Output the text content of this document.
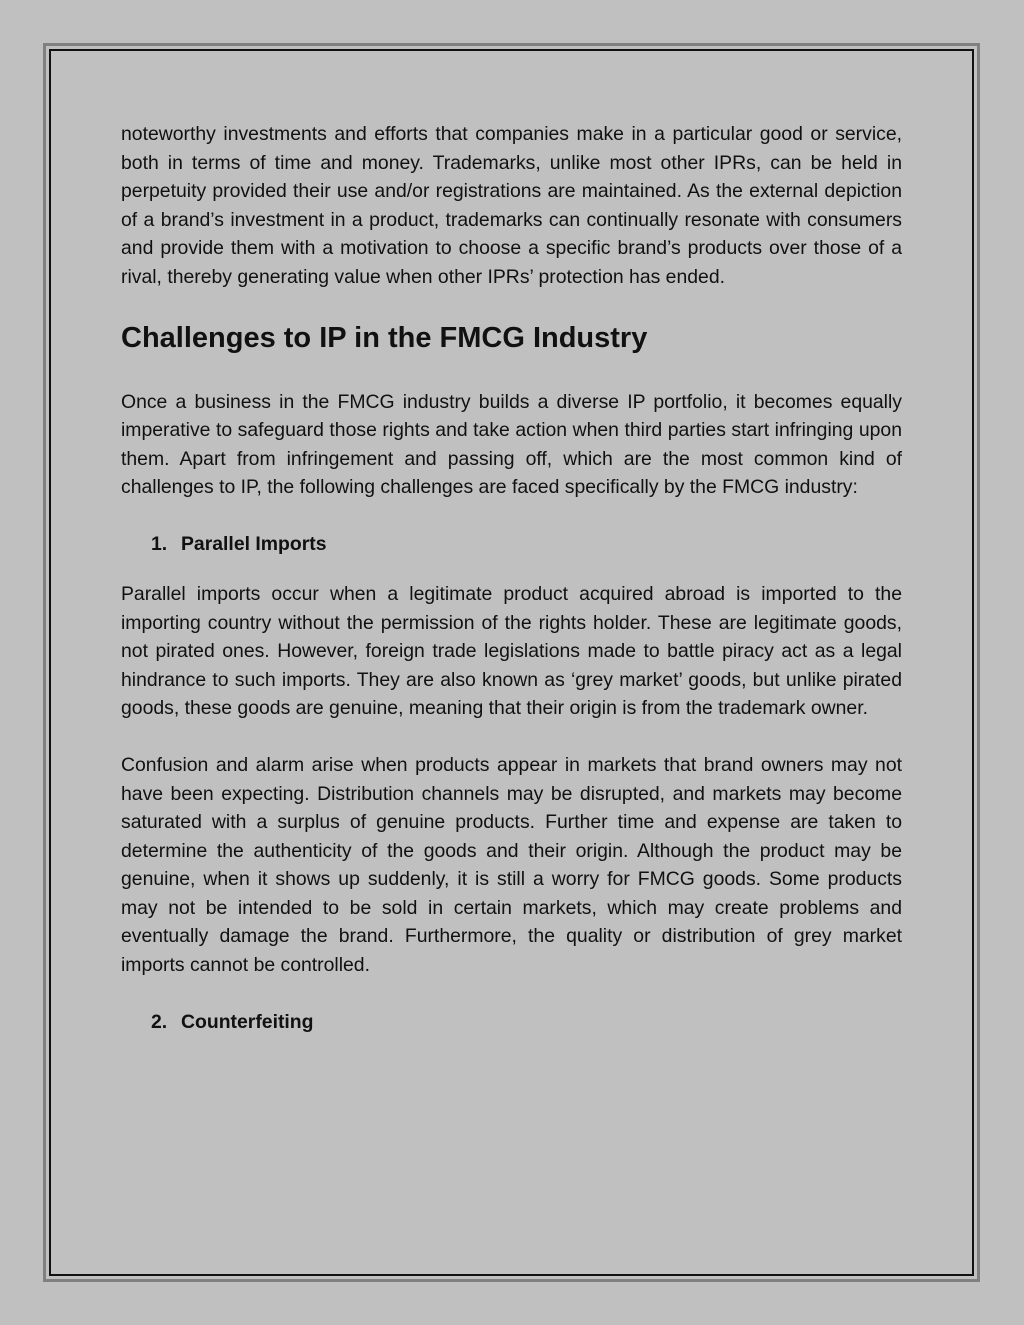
noteworthy investments and efforts that companies make in a particular good or service, both in terms of time and money. Trademarks, unlike most other IPRs, can be held in perpetuity provided their use and/or registrations are maintained. As the external depiction of a brand’s investment in a product, trademarks can continually resonate with consumers and provide them with a motivation to choose a specific brand’s products over those of a rival, thereby generating value when other IPRs’ protection has ended.

Challenges to IP in the FMCG Industry

Once a business in the FMCG industry builds a diverse IP portfolio, it becomes equally imperative to safeguard those rights and take action when third parties start infringing upon them. Apart from infringement and passing off, which are the most common kind of challenges to IP, the following challenges are faced specifically by the FMCG industry:

1. Parallel Imports

Parallel imports occur when a legitimate product acquired abroad is imported to the importing country without the permission of the rights holder. These are legitimate goods, not pirated ones. However, foreign trade legislations made to battle piracy act as a legal hindrance to such imports. They are also known as ‘grey market’ goods, but unlike pirated goods, these goods are genuine, meaning that their origin is from the trademark owner.

Confusion and alarm arise when products appear in markets that brand owners may not have been expecting. Distribution channels may be disrupted, and markets may become saturated with a surplus of genuine products. Further time and expense are taken to determine the authenticity of the goods and their origin. Although the product may be genuine, when it shows up suddenly, it is still a worry for FMCG goods. Some products may not be intended to be sold in certain markets, which may create problems and eventually damage the brand. Furthermore, the quality or distribution of grey market imports cannot be controlled.

2. Counterfeiting
